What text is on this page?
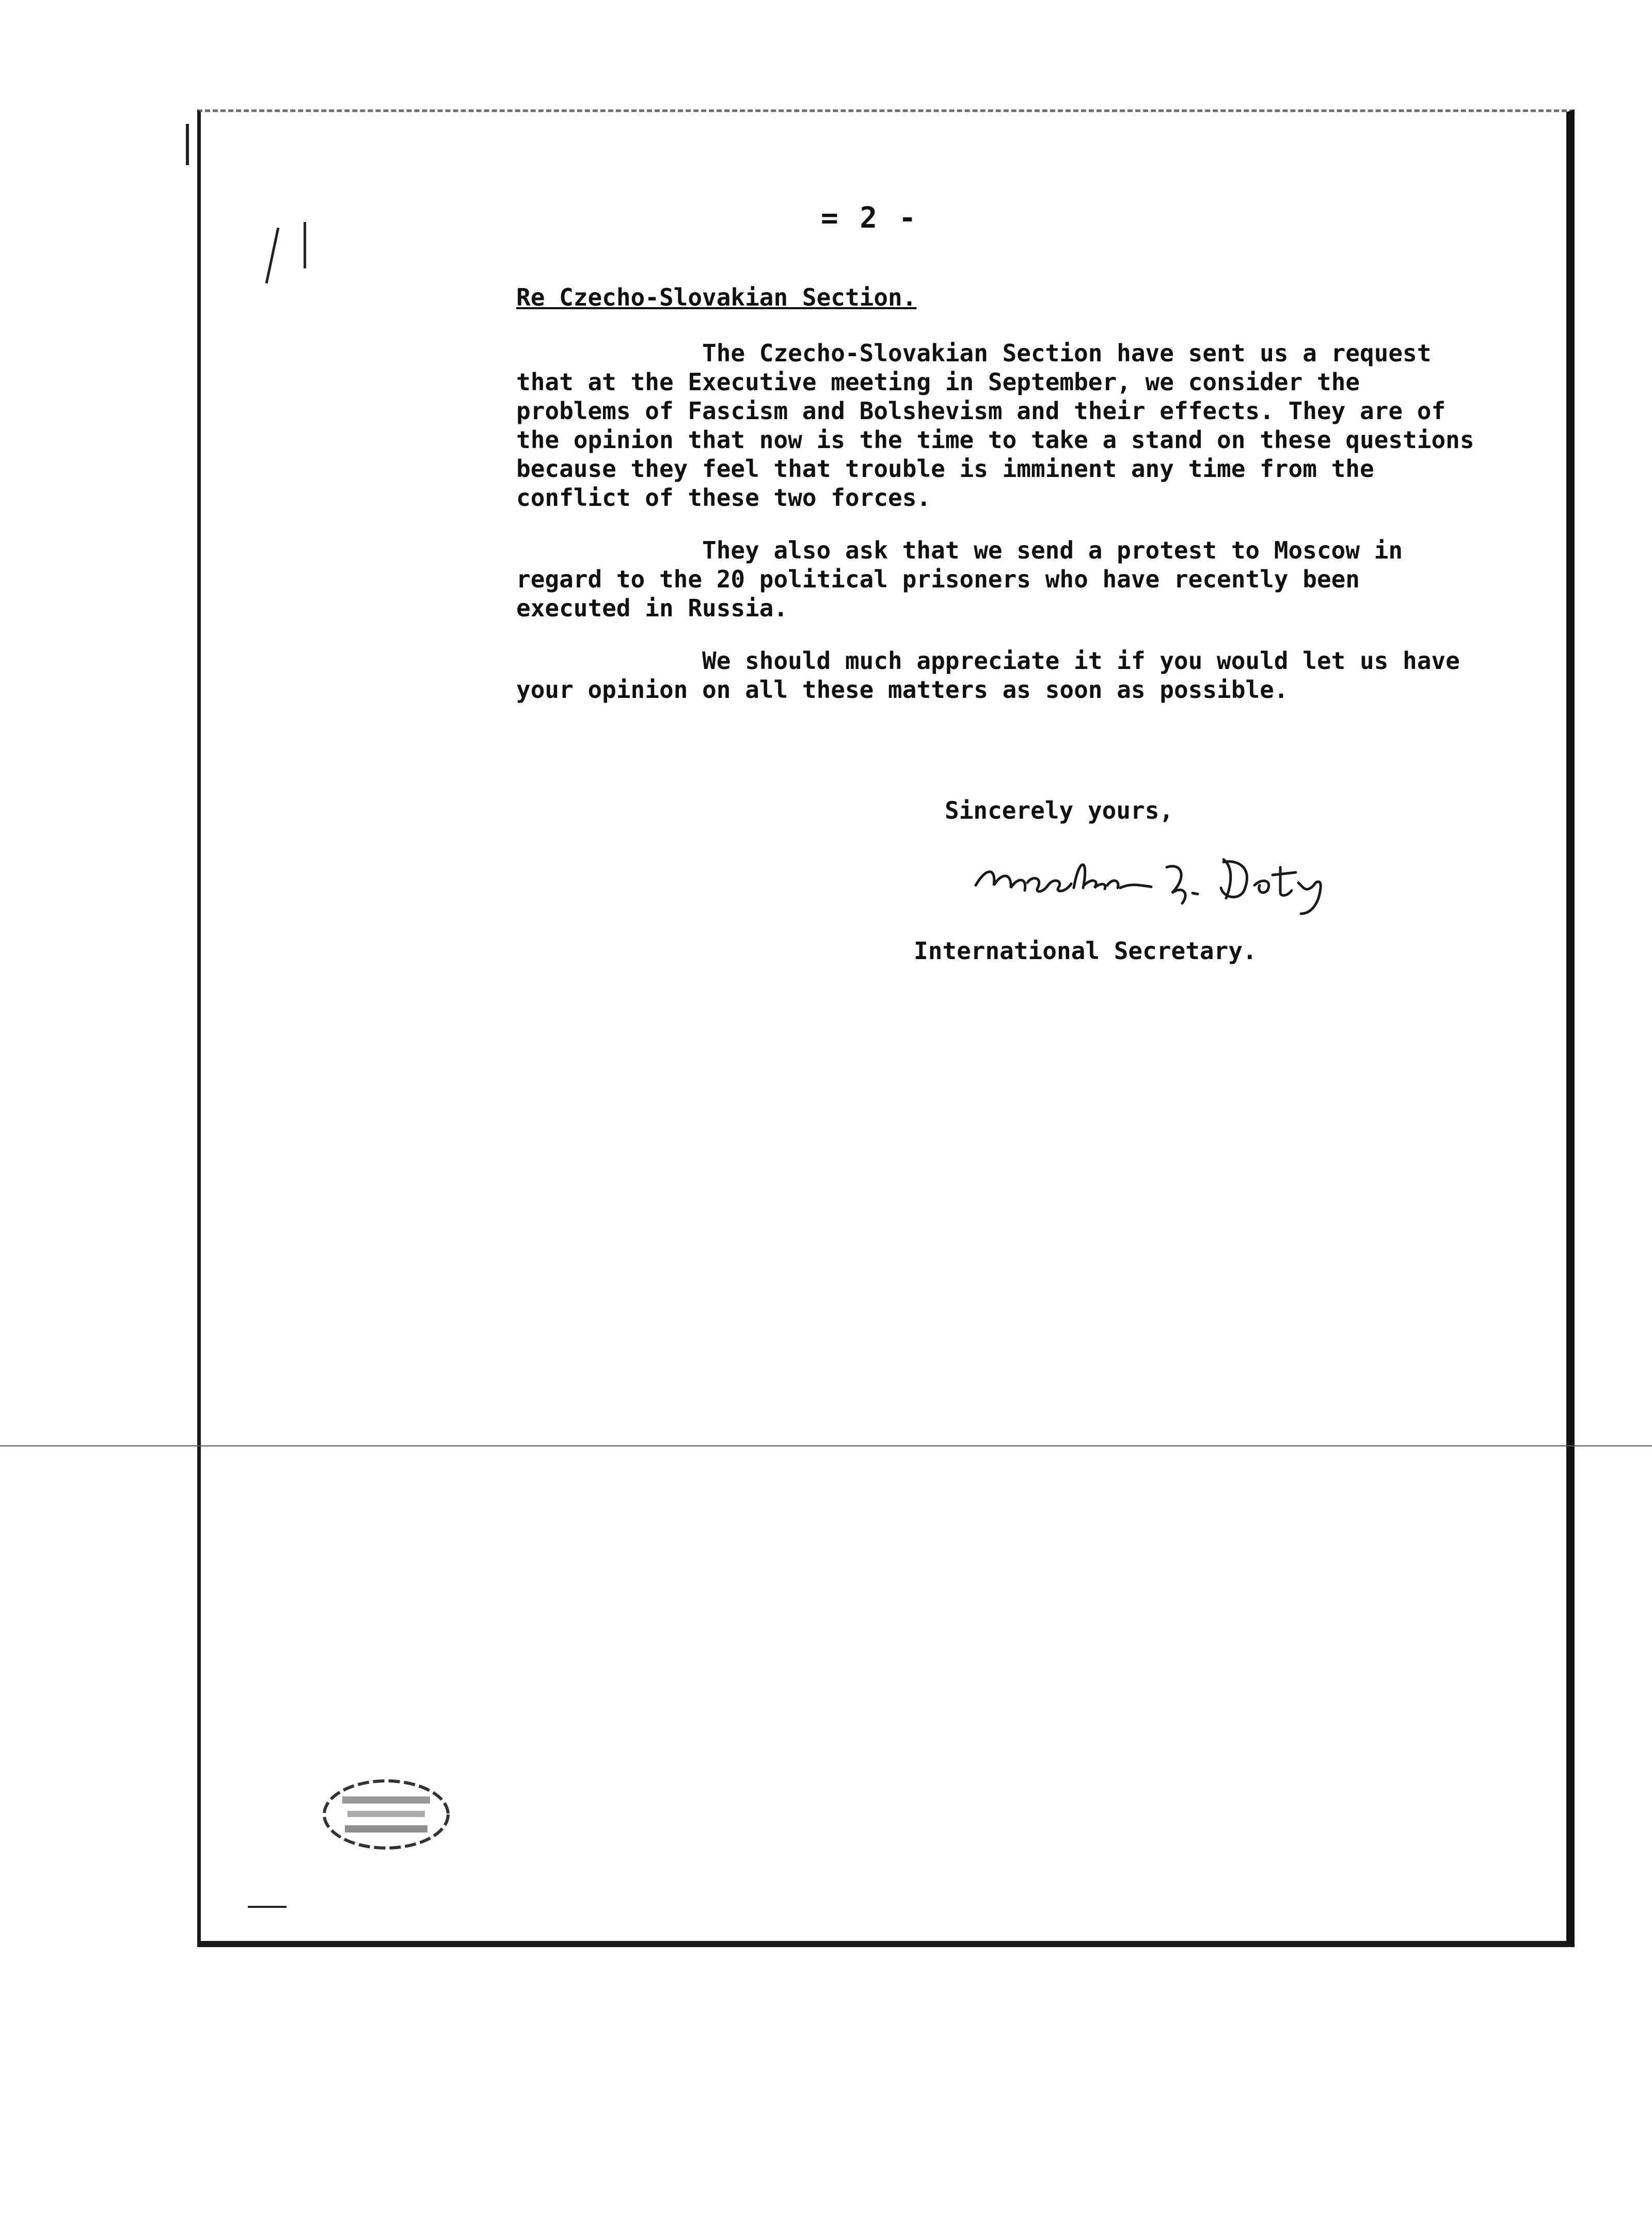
= 2 -
Re Czecho-Slovakian Section.

The Czecho-Slovakian Section have sent us a request that at the Executive meeting in September, we consider the problems of Fascism and Bolshevism and their effects. They are of the opinion that now is the time to take a stand on these questions because they feel that trouble is imminent any time from the conflict of these two forces.

They also ask that we send a protest to Moscow in regard to the 20 political prisoners who have recently been executed in Russia.

We should much appreciate it if you would let us have your opinion on all these matters as soon as possible.

Sincerely yours,
International Secretary.
